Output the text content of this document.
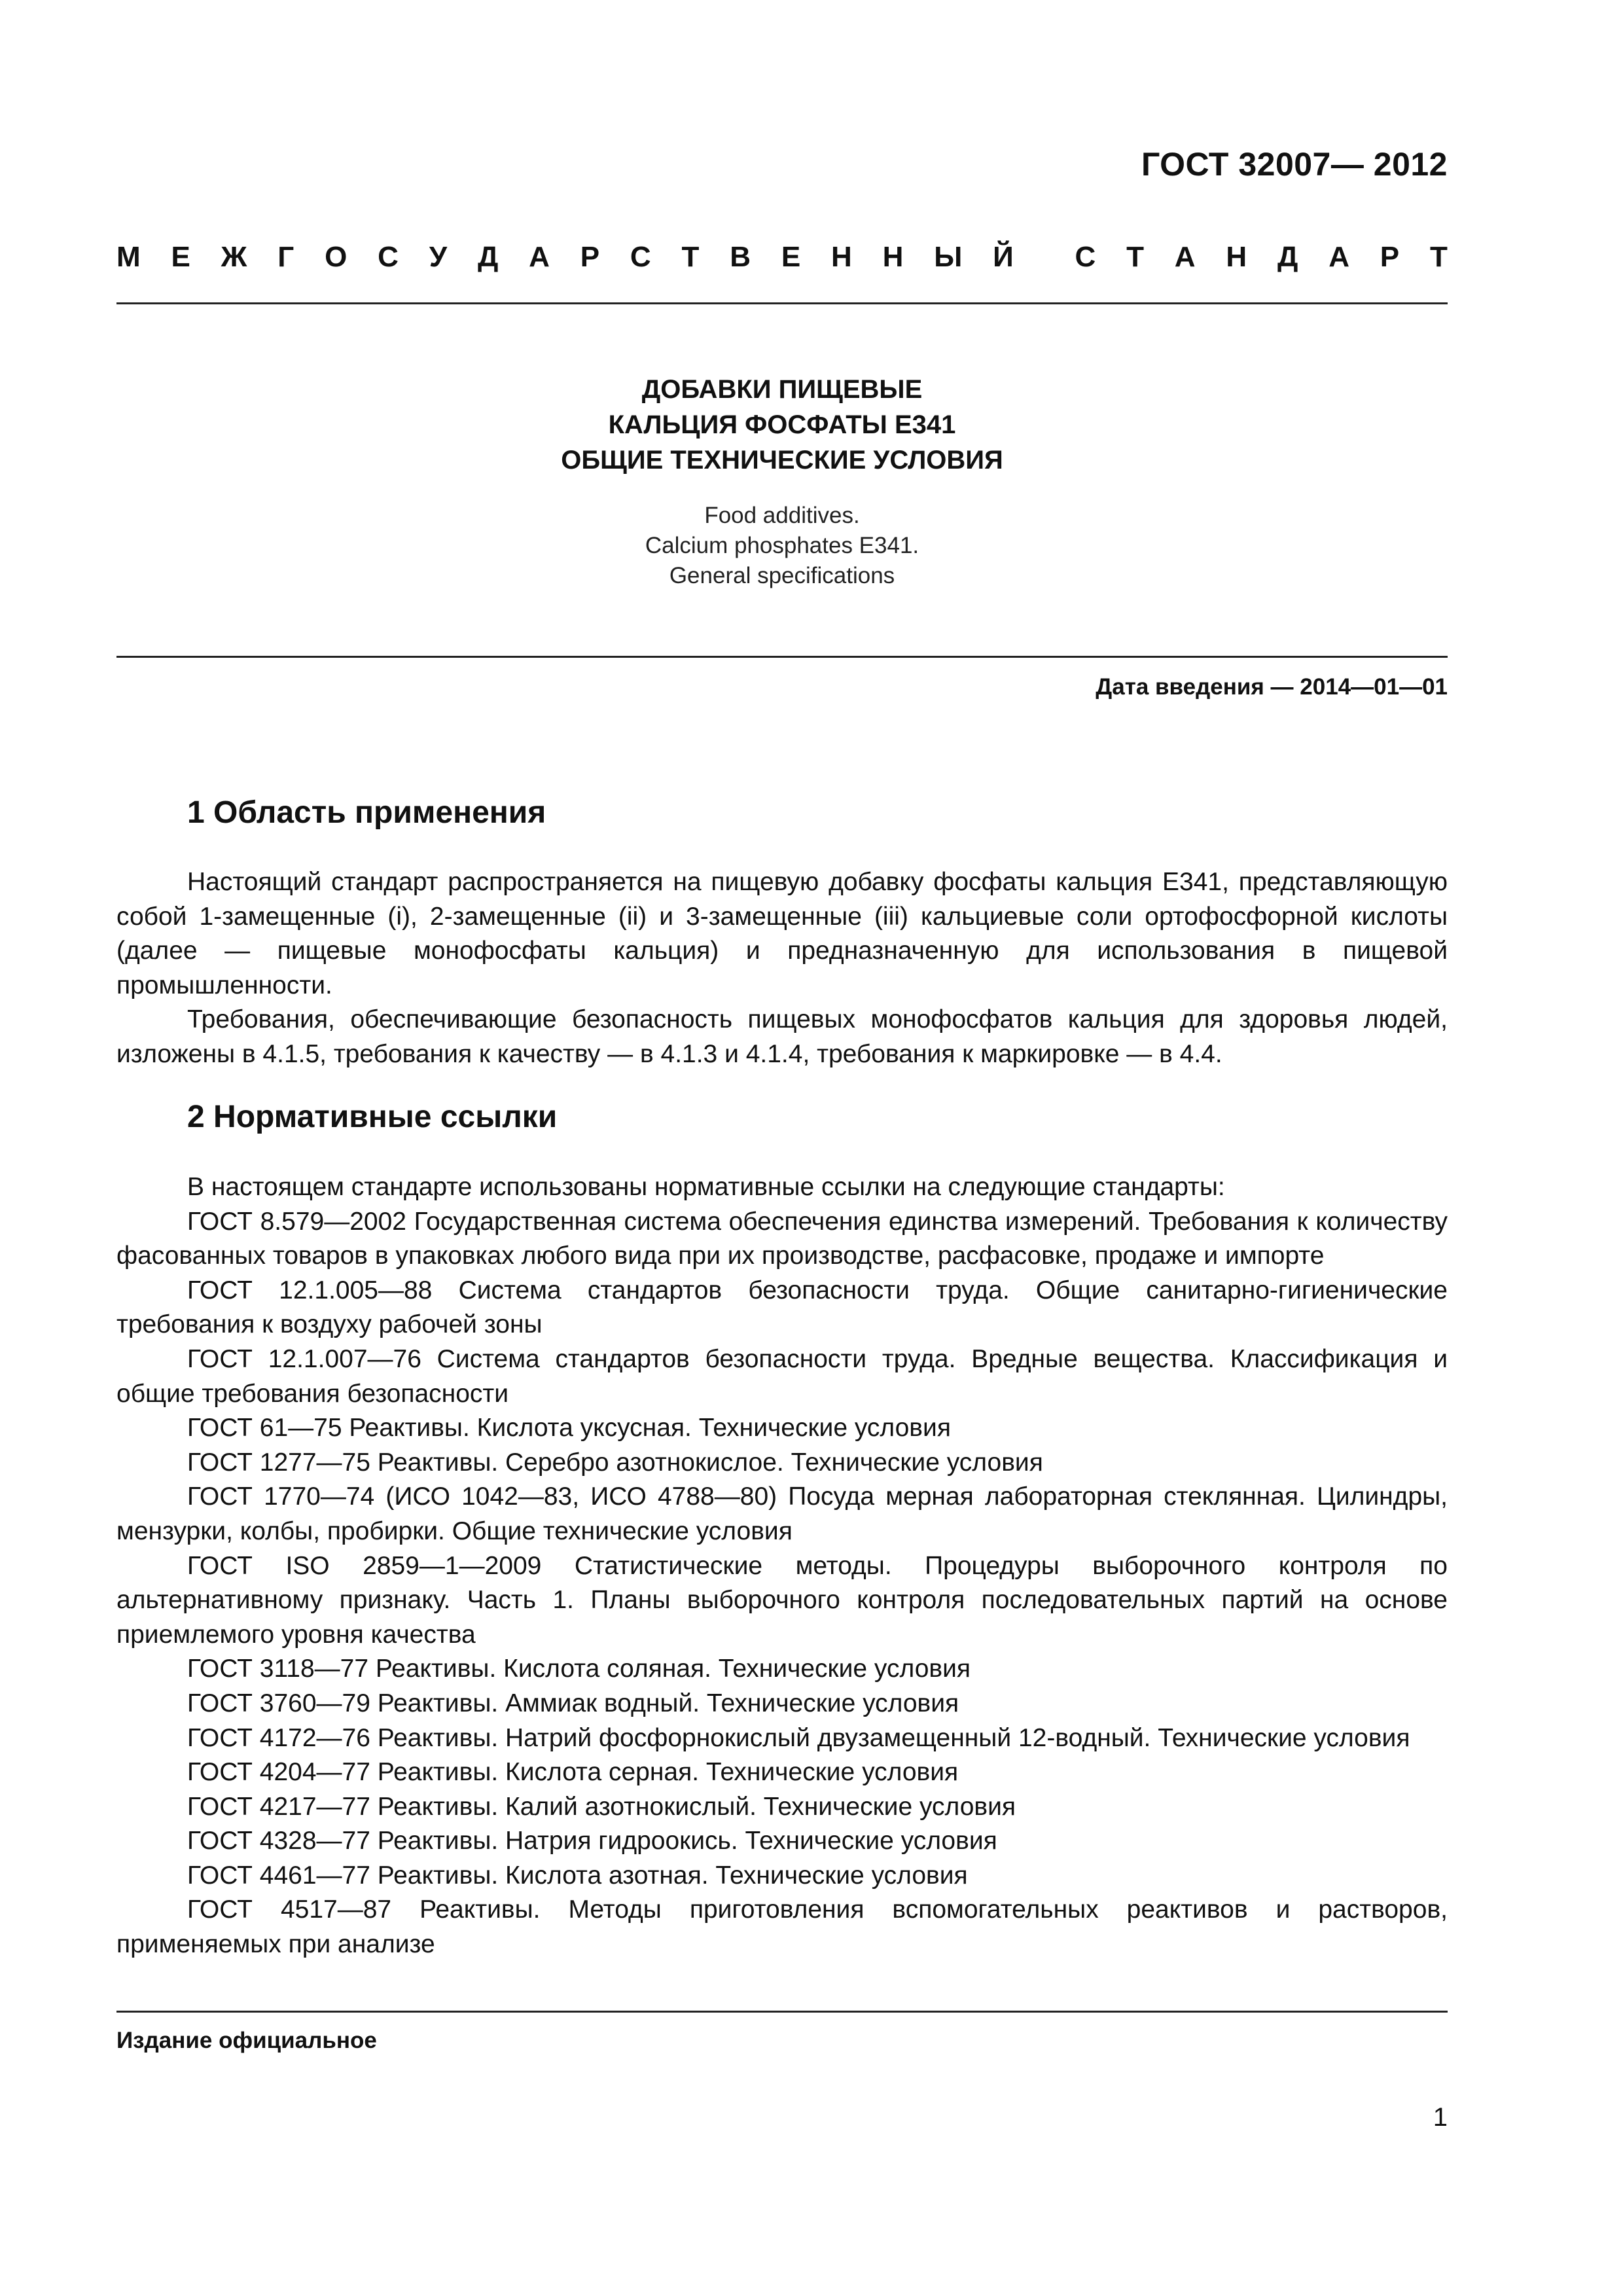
ГОСТ 32007— 2012
М Е Ж Г О С У Д А Р С Т В Е Н Н Ы Й С Т А Н Д А Р Т
ДОБАВКИ ПИЩЕВЫЕ
КАЛЬЦИЯ ФОСФАТЫ Е341
ОБЩИЕ ТЕХНИЧЕСКИЕ УСЛОВИЯ
Food additives.
Calcium phosphates E341.
General specifications
Дата введения — 2014—01—01
1 Область применения

Настоящий стандарт распространяется на пищевую добавку фосфаты кальция Е341, представляющую собой 1-замещенные (i), 2-замещенные (ii) и 3-замещенные (iii) кальциевые соли ортофосфорной кислоты (далее — пищевые монофосфаты кальция) и предназначенную для использования в пищевой промышленности.

Требования, обеспечивающие безопасность пищевых монофосфатов кальция для здоровья людей, изложены в 4.1.5, требования к качеству — в 4.1.3 и 4.1.4, требования к маркировке — в 4.4.

2 Нормативные ссылки

В настоящем стандарте использованы нормативные ссылки на следующие стандарты:

ГОСТ 8.579—2002 Государственная система обеспечения единства измерений. Требования к количеству фасованных товаров в упаковках любого вида при их производстве, расфасовке, продаже и импорте

ГОСТ 12.1.005—88 Система стандартов безопасности труда. Общие санитарно-гигиенические требования к воздуху рабочей зоны

ГОСТ 12.1.007—76 Система стандартов безопасности труда. Вредные вещества. Классификация и общие требования безопасности

ГОСТ 61—75 Реактивы. Кислота уксусная. Технические условия

ГОСТ 1277—75 Реактивы. Серебро азотнокислое. Технические условия

ГОСТ 1770—74 (ИСО 1042—83, ИСО 4788—80) Посуда мерная лабораторная стеклянная. Цилиндры, мензурки, колбы, пробирки. Общие технические условия

ГОСТ ISO 2859—1—2009 Статистические методы. Процедуры выборочного контроля по альтернативному признаку. Часть 1. Планы выборочного контроля последовательных партий на основе приемлемого уровня качества

ГОСТ 3118—77 Реактивы. Кислота соляная. Технические условия

ГОСТ 3760—79 Реактивы. Аммиак водный. Технические условия

ГОСТ 4172—76 Реактивы. Натрий фосфорнокислый двузамещенный 12-водный. Технические условия

ГОСТ 4204—77 Реактивы. Кислота серная. Технические условия

ГОСТ 4217—77 Реактивы. Калий азотнокислый. Технические условия

ГОСТ 4328—77 Реактивы. Натрия гидроокись. Технические условия

ГОСТ 4461—77 Реактивы. Кислота азотная. Технические условия

ГОСТ 4517—87 Реактивы. Методы приготовления вспомогательных реактивов и растворов, применяемых при анализе

Издание официальное
1
